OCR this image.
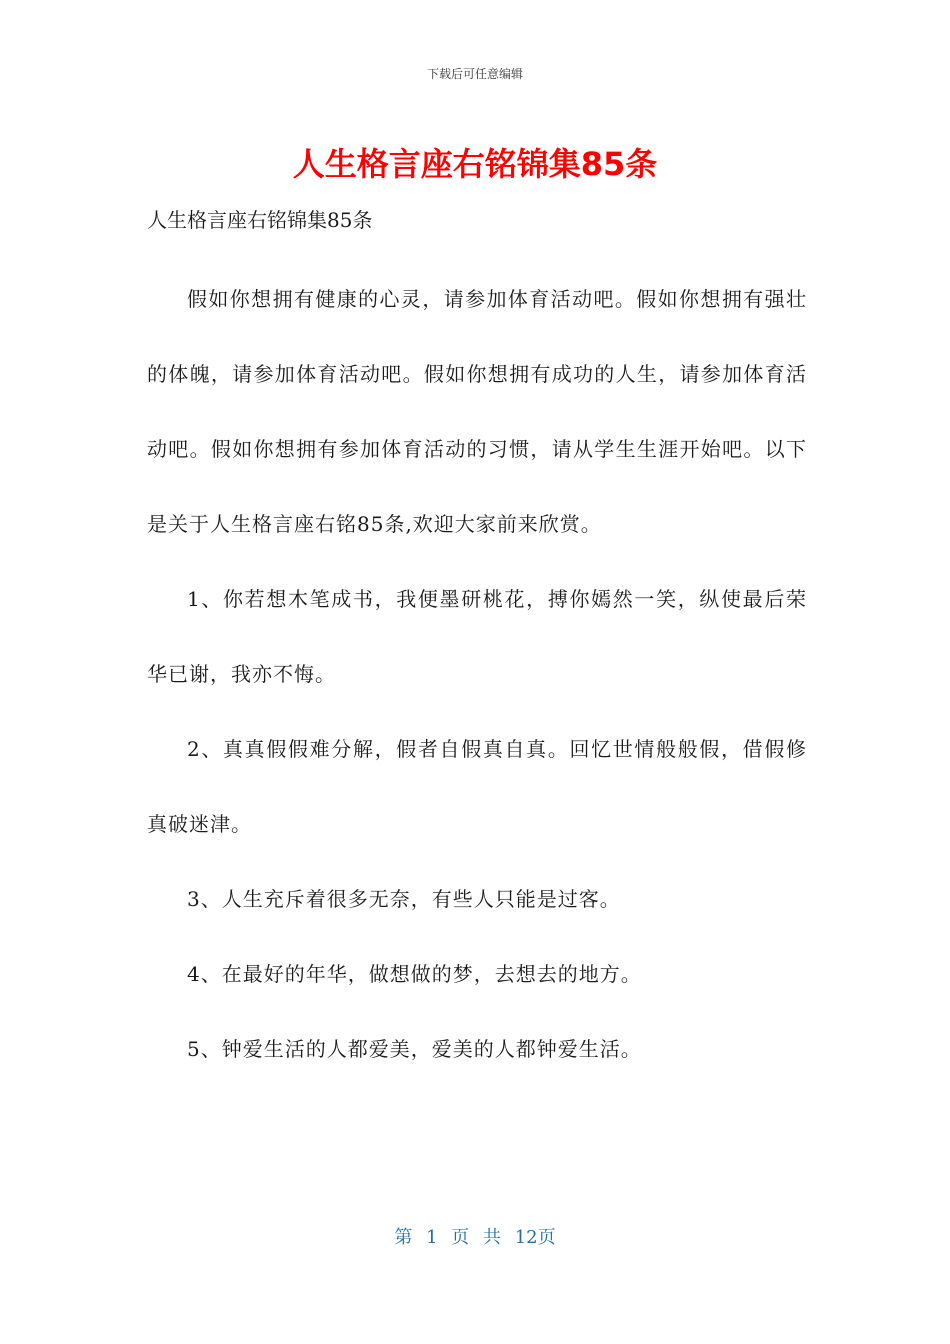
下载后可任意编辑
人生格言座右铭锦集85条

人生格言座右铭锦集85条

假如你想拥有健康的心灵，请参加体育活动吧。假如你想拥有强壮的体魄，请参加体育活动吧。假如你想拥有成功的人生，请参加体育活动吧。假如你想拥有参加体育活动的习惯，请从学生生涯开始吧。以下是关于人生格言座右铭85条,欢迎大家前来欣赏。

1、你若想木笔成书，我便墨研桃花，搏你嫣然一笑，纵使最后荣华已谢，我亦不悔。

2、真真假假难分解，假者自假真自真。回忆世情般般假，借假修真破迷津。

3、人生充斥着很多无奈，有些人只能是过客。

4、在最好的年华，做想做的梦，去想去的地方。

5、钟爱生活的人都爱美，爱美的人都钟爱生活。

第 1 页 共 12页
